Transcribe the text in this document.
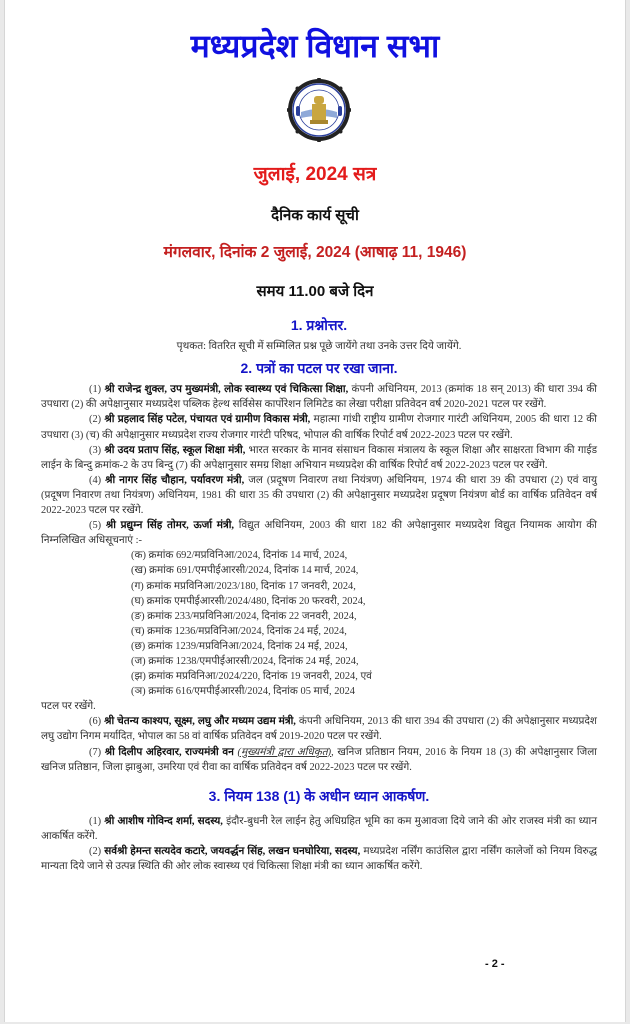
मध्यप्रदेश विधान सभा
जुलाई, 2024 सत्र
दैनिक कार्य सूची
मंगलवार, दिनांक 2 जुलाई, 2024 (आषाढ़ 11, 1946)
समय 11.00 बजे दिन
1. प्रश्नोत्तर.

पृथकत: वितरित सूची में सम्मिलित प्रश्न पूछे जायेंगे तथा उनके उत्तर दिये जायेंगे.

2. पत्रों का पटल पर रखा जाना.

(1) श्री राजेन्द्र शुक्ल, उप मुख्यमंत्री, लोक स्वास्थ्य एवं चिकित्सा शिक्षा, कंपनी अधिनियम, 2013 (क्रमांक 18 सन् 2013) की धारा 394 की उपधारा (2) की अपेक्षानुसार मध्यप्रदेश पब्लिक हेल्थ सर्विसेस कार्पोरेशन लिमिटेड का लेखा परीक्षा प्रतिवेदन वर्ष 2020-2021 पटल पर रखेंगे.

(2) श्री प्रहलाद सिंह पटेल, पंचायत एवं ग्रामीण विकास मंत्री, महात्मा गांधी राष्ट्रीय ग्रामीण रोजगार गारंटी अधिनियम, 2005 की धारा 12 की उपधारा (3) (च) की अपेक्षानुसार मध्यप्रदेश राज्य रोजगार गारंटी परिषद, भोपाल की वार्षिक रिपोर्ट वर्ष 2022-2023 पटल पर रखेंगे.

(3) श्री उदय प्रताप सिंह, स्कूल शिक्षा मंत्री, भारत सरकार के मानव संसाधन विकास मंत्रालय के स्कूल शिक्षा और साक्षरता विभाग की गाईड लाईन के बिन्दु क्रमांक-2 के उप बिन्दु (7) की अपेक्षानुसार समग्र शिक्षा अभियान मध्यप्रदेश की वार्षिक रिपोर्ट वर्ष 2022-2023 पटल पर रखेंगे.

(4) श्री नागर सिंह चौहान, पर्यावरण मंत्री, जल (प्रदूषण निवारण तथा नियंत्रण) अधिनियम, 1974 की धारा 39 की उपधारा (2) एवं वायु (प्रदूषण निवारण तथा नियंत्रण) अधिनियम, 1981 की धारा 35 की उपधारा (2) की अपेक्षानुसार मध्यप्रदेश प्रदूषण नियंत्रण बोर्ड का वार्षिक प्रतिवेदन वर्ष 2022-2023 पटल पर रखेंगे.

(5) श्री प्रद्युम्न सिंह तोमर, ऊर्जा मंत्री, विद्युत अधिनियम, 2003 की धारा 182 की अपेक्षानुसार मध्यप्रदेश विद्युत नियामक आयोग की निम्नलिखित अधिसूचनाएं :-

(क) क्रमांक 692/मप्रविनिआ/2024, दिनांक 14 मार्च, 2024,

(ख) क्रमांक 691/एमपीईआरसी/2024, दिनांक 14 मार्च, 2024,

(ग) क्रमांक मप्रविनिआ/2023/180, दिनांक 17 जनवरी, 2024,

(घ) क्रमांक एमपीईआरसी/2024/480, दिनांक 20 फरवरी, 2024,

(ङ) क्रमांक 233/मप्रविनिआ/2024, दिनांक 22 जनवरी, 2024,

(च) क्रमांक 1236/मप्रविनिआ/2024, दिनांक 24 मई, 2024,

(छ) क्रमांक 1239/मप्रविनिआ/2024, दिनांक 24 मई, 2024,

(ज) क्रमांक 1238/एमपीईआरसी/2024, दिनांक 24 मई, 2024,

(झ) क्रमांक मप्रविनिआ/2024/220, दिनांक 19 जनवरी, 2024, एवं

(ञ) क्रमांक 616/एमपीईआरसी/2024, दिनांक 05 मार्च, 2024

पटल पर रखेंगे.

(6) श्री चेतन्य काश्यप, सूक्ष्म, लघु और मध्यम उद्यम मंत्री, कंपनी अधिनियम, 2013 की धारा 394 की उपधारा (2) की अपेक्षानुसार मध्यप्रदेश लघु उद्योग निगम मर्यादित, भोपाल का 58 वां वार्षिक प्रतिवेदन वर्ष 2019-2020 पटल पर रखेंगे.

(7) श्री दिलीप अहिरवार, राज्यमंत्री वन (मुख्यमंत्री द्वारा अधिकृत), खनिज प्रतिष्ठान नियम, 2016 के नियम 18 (3) की अपेक्षानुसार जिला खनिज प्रतिष्ठान, जिला झाबुआ, उमरिया एवं रीवा का वार्षिक प्रतिवेदन वर्ष 2022-2023 पटल पर रखेंगे.

3. नियम 138 (1) के अधीन ध्यान आकर्षण.

(1) श्री आशीष गोविन्द शर्मा, सदस्य, इंदौर-बुधनी रेल लाईन हेतु अधिग्रहित भूमि का कम मुआवजा दिये जाने की ओर राजस्व मंत्री का ध्यान आकर्षित करेंगे.

(2) सर्वश्री हेमन्त सत्यदेव कटारे, जयवर्द्धन सिंह, लखन घनघोरिया, सदस्य, मध्यप्रदेश नर्सिंग काउंसिल द्वारा नर्सिंग कालेजों को नियम विरुद्ध मान्यता दिये जाने से उत्पन्न स्थिति की ओर लोक स्वास्थ्य एवं चिकित्सा शिक्षा मंत्री का ध्यान आकर्षित करेंगे.

- 2 -
